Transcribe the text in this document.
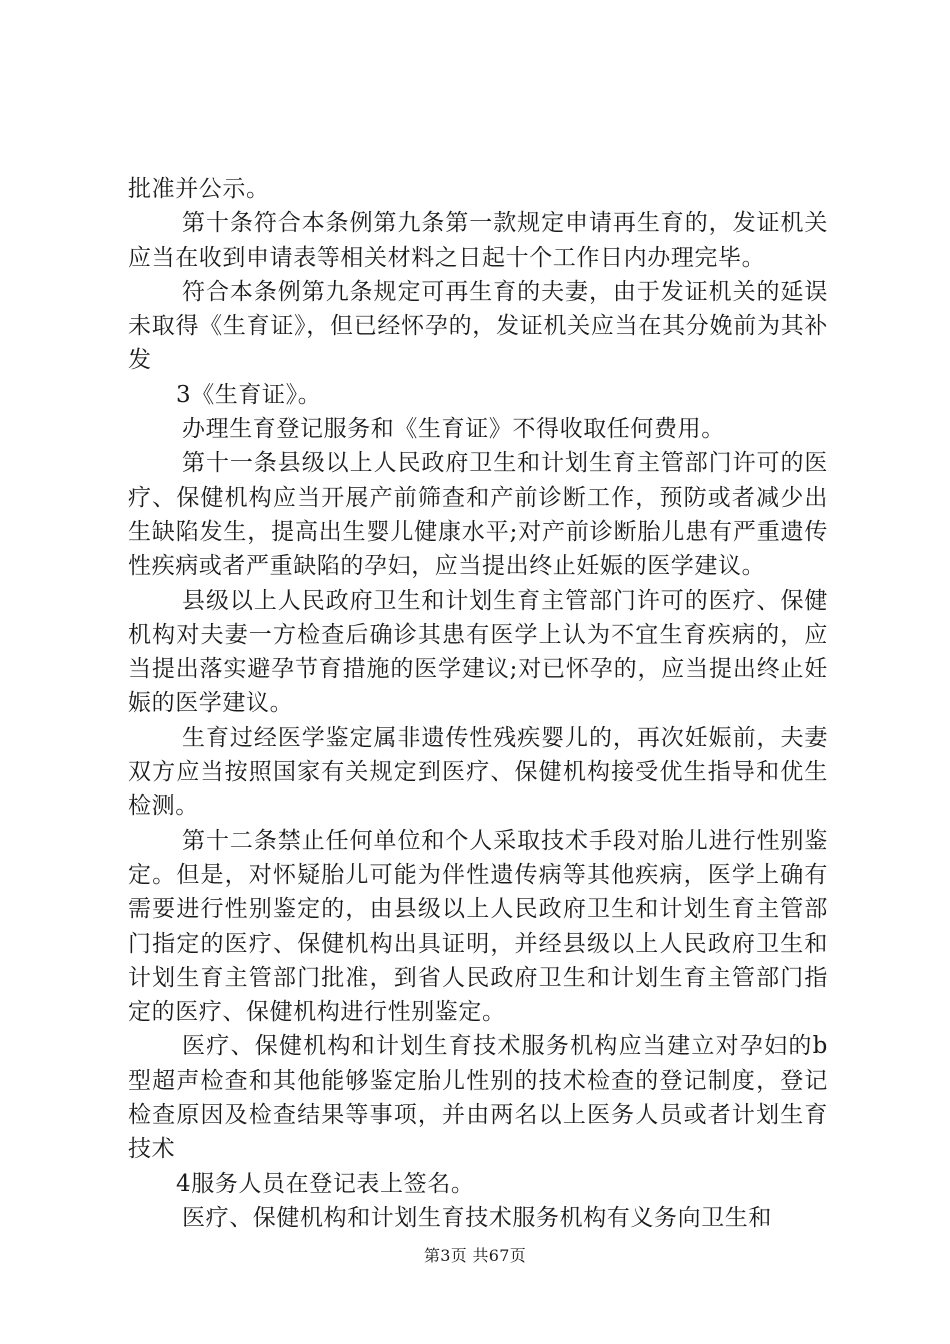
批准并公示。

第十条符合本条例第九条第一款规定申请再生育的，发证机关应当在收到申请表等相关材料之日起十个工作日内办理完毕。

符合本条例第九条规定可再生育的夫妻，由于发证机关的延误未取得《生育证》，但已经怀孕的，发证机关应当在其分娩前为其补发

3《生育证》。

办理生育登记服务和《生育证》不得收取任何费用。

第十一条县级以上人民政府卫生和计划生育主管部门许可的医疗、保健机构应当开展产前筛查和产前诊断工作，预防或者减少出生缺陷发生，提高出生婴儿健康水平;对产前诊断胎儿患有严重遗传性疾病或者严重缺陷的孕妇，应当提出终止妊娠的医学建议。

县级以上人民政府卫生和计划生育主管部门许可的医疗、保健机构对夫妻一方检查后确诊其患有医学上认为不宜生育疾病的，应当提出落实避孕节育措施的医学建议;对已怀孕的，应当提出终止妊娠的医学建议。

生育过经医学鉴定属非遗传性残疾婴儿的，再次妊娠前，夫妻双方应当按照国家有关规定到医疗、保健机构接受优生指导和优生检测。

第十二条禁止任何单位和个人采取技术手段对胎儿进行性别鉴定。但是，对怀疑胎儿可能为伴性遗传病等其他疾病，医学上确有需要进行性别鉴定的，由县级以上人民政府卫生和计划生育主管部门指定的医疗、保健机构出具证明，并经县级以上人民政府卫生和计划生育主管部门批准，到省人民政府卫生和计划生育主管部门指定的医疗、保健机构进行性别鉴定。

医疗、保健机构和计划生育技术服务机构应当建立对孕妇的b型超声检查和其他能够鉴定胎儿性别的技术检查的登记制度，登记检查原因及检查结果等事项，并由两名以上医务人员或者计划生育技术

4服务人员在登记表上签名。

医疗、保健机构和计划生育技术服务机构有义务向卫生和

第3页 共67页
